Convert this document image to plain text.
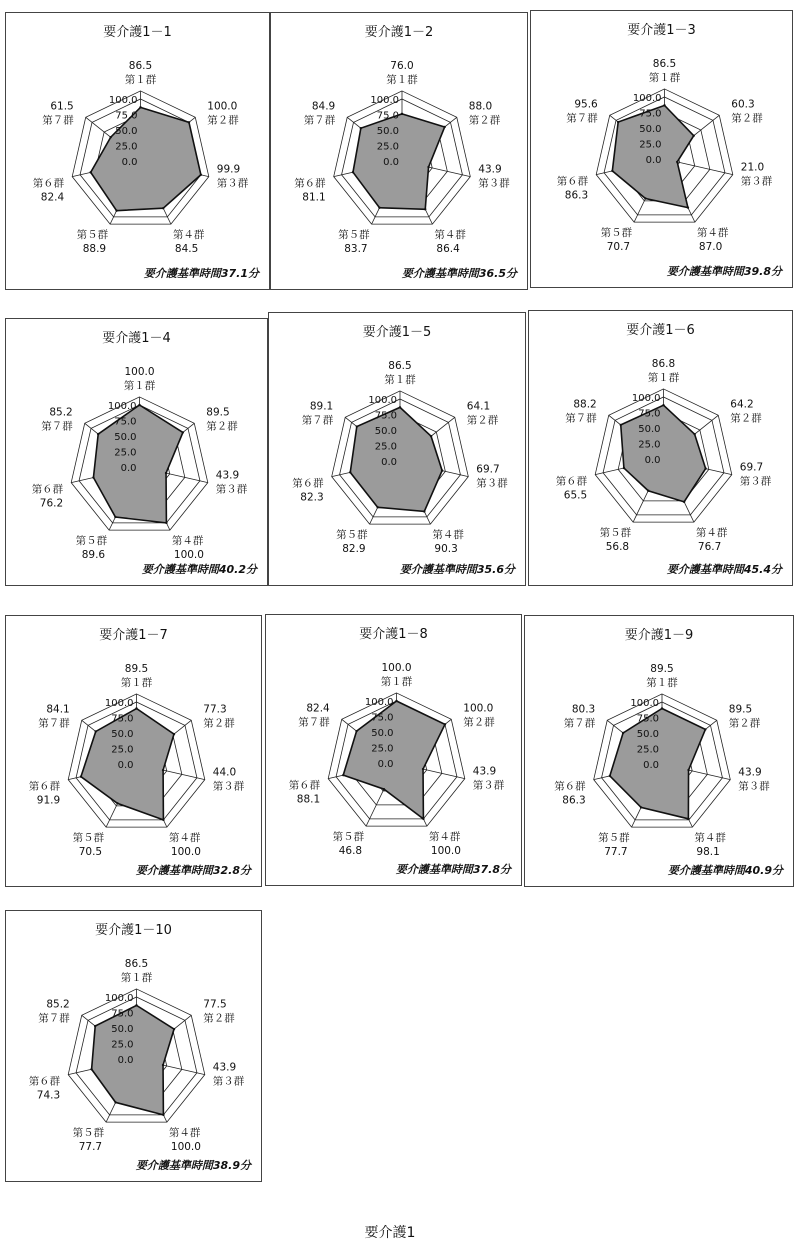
要介護1－1
100.0
75.0
50.0
25.0
0.0
第１群
86.5
第２群
100.0
第３群
99.9
第４群
84.5
第５群
88.9
第６群
82.4
第７群
61.5
要介護基準時間37.1分
要介護1－2
100.0
75.0
50.0
25.0
0.0
第１群
76.0
第２群
88.0
第３群
43.9
第４群
86.4
第５群
83.7
第６群
81.1
第７群
84.9
要介護基準時間36.5分
要介護1－3
100.0
75.0
50.0
25.0
0.0
第１群
86.5
第２群
60.3
第３群
21.0
第４群
87.0
第５群
70.7
第６群
86.3
第７群
95.6
要介護基準時間39.8分
要介護1－4
100.0
75.0
50.0
25.0
0.0
第１群
100.0
第２群
89.5
第３群
43.9
第４群
100.0
第５群
89.6
第６群
76.2
第７群
85.2
要介護基準時間40.2分
要介護1－5
100.0
75.0
50.0
25.0
0.0
第１群
86.5
第２群
64.1
第３群
69.7
第４群
90.3
第５群
82.9
第６群
82.3
第７群
89.1
要介護基準時間35.6分
要介護1－6
100.0
75.0
50.0
25.0
0.0
第１群
86.8
第２群
64.2
第３群
69.7
第４群
76.7
第５群
56.8
第６群
65.5
第７群
88.2
要介護基準時間45.4分
要介護1－7
100.0
75.0
50.0
25.0
0.0
第１群
89.5
第２群
77.3
第３群
44.0
第４群
100.0
第５群
70.5
第６群
91.9
第７群
84.1
要介護基準時間32.8分
要介護1－8
100.0
75.0
50.0
25.0
0.0
第１群
100.0
第２群
100.0
第３群
43.9
第４群
100.0
第５群
46.8
第６群
88.1
第７群
82.4
要介護基準時間37.8分
要介護1－9
100.0
75.0
50.0
25.0
0.0
第１群
89.5
第２群
89.5
第３群
43.9
第４群
98.1
第５群
77.7
第６群
86.3
第７群
80.3
要介護基準時間40.9分
要介護1－10
100.0
75.0
50.0
25.0
0.0
第１群
86.5
第２群
77.5
第３群
43.9
第４群
100.0
第５群
77.7
第６群
74.3
第７群
85.2
要介護基準時間38.9分
要介護1
